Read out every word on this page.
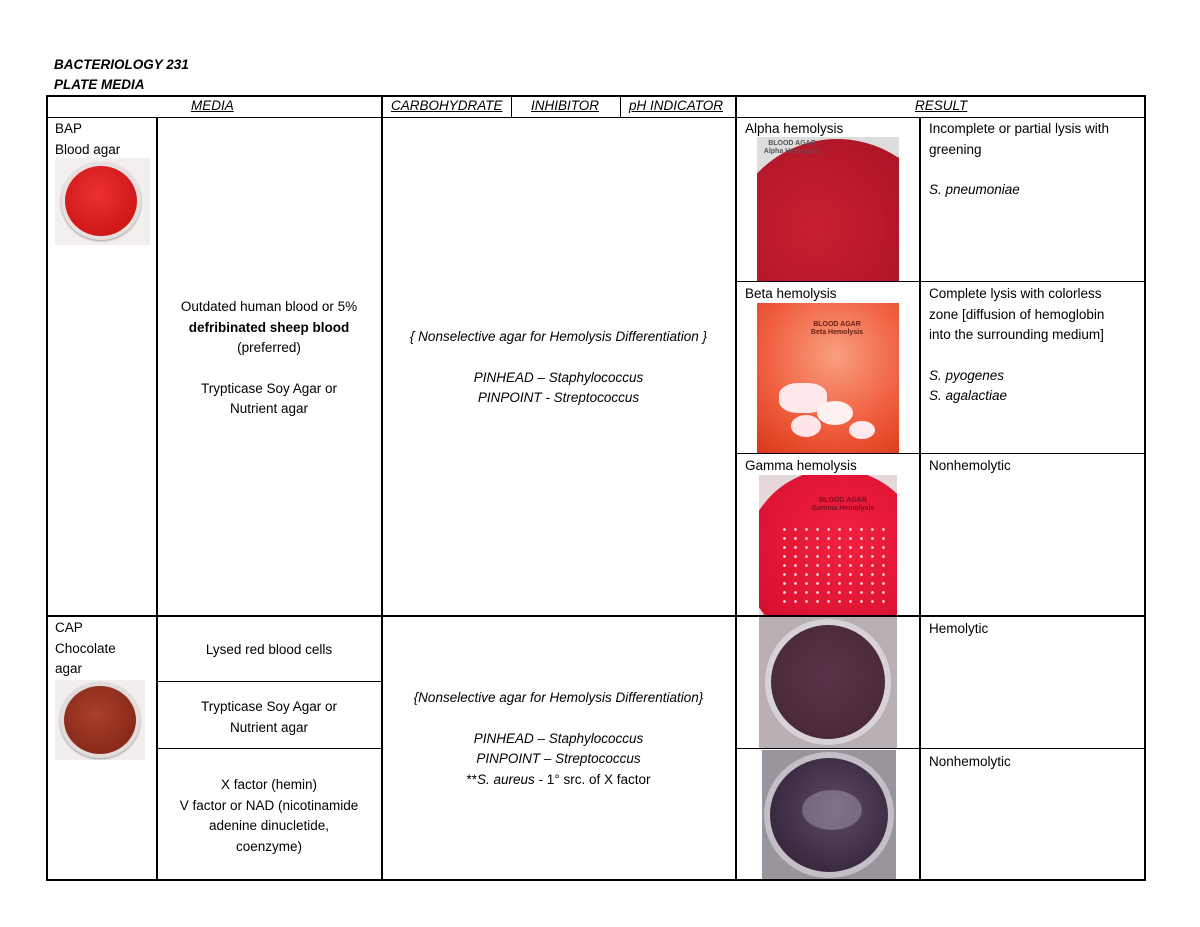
BACTERIOLOGY 231
PLATE MEDIA
MEDIA	CARBOHYDRATE INHIBITOR pH INDICATOR	RESULT
BAP
Blood agar
Outdated human blood or 5%
defribinated sheep blood
(preferred)
Trypticase Soy Agar or
Nutrient agar
{ Nonselective agar for Hemolysis Differentiation }
PINHEAD – Staphylococcus
PINPOINT - Streptococcus
Alpha hemolysis
BLOOD AGAR
Alpha Hemolysis
Incomplete or partial lysis with
greening
S. pneumoniae
Beta hemolysis
BLOOD AGAR
Beta Hemolysis
Complete lysis with colorless
zone [diffusion of hemoglobin
into the surrounding medium]
S. pyogenes
S. agalactiae
Gamma hemolysis
BLOOD AGAR
Gamma Hemolysis
Nonhemolytic
CAP
Chocolate
agar
Lysed red blood cells
Trypticase Soy Agar or
Nutrient agar
X factor (hemin)
V factor or NAD (nicotinamide
adenine dinucletide,
coenzyme)
{Nonselective agar for Hemolysis Differentiation}
PINHEAD – Staphylococcus
PINPOINT – Streptococcus
**S. aureus - 1° src. of X factor
Hemolytic
Nonhemolytic
